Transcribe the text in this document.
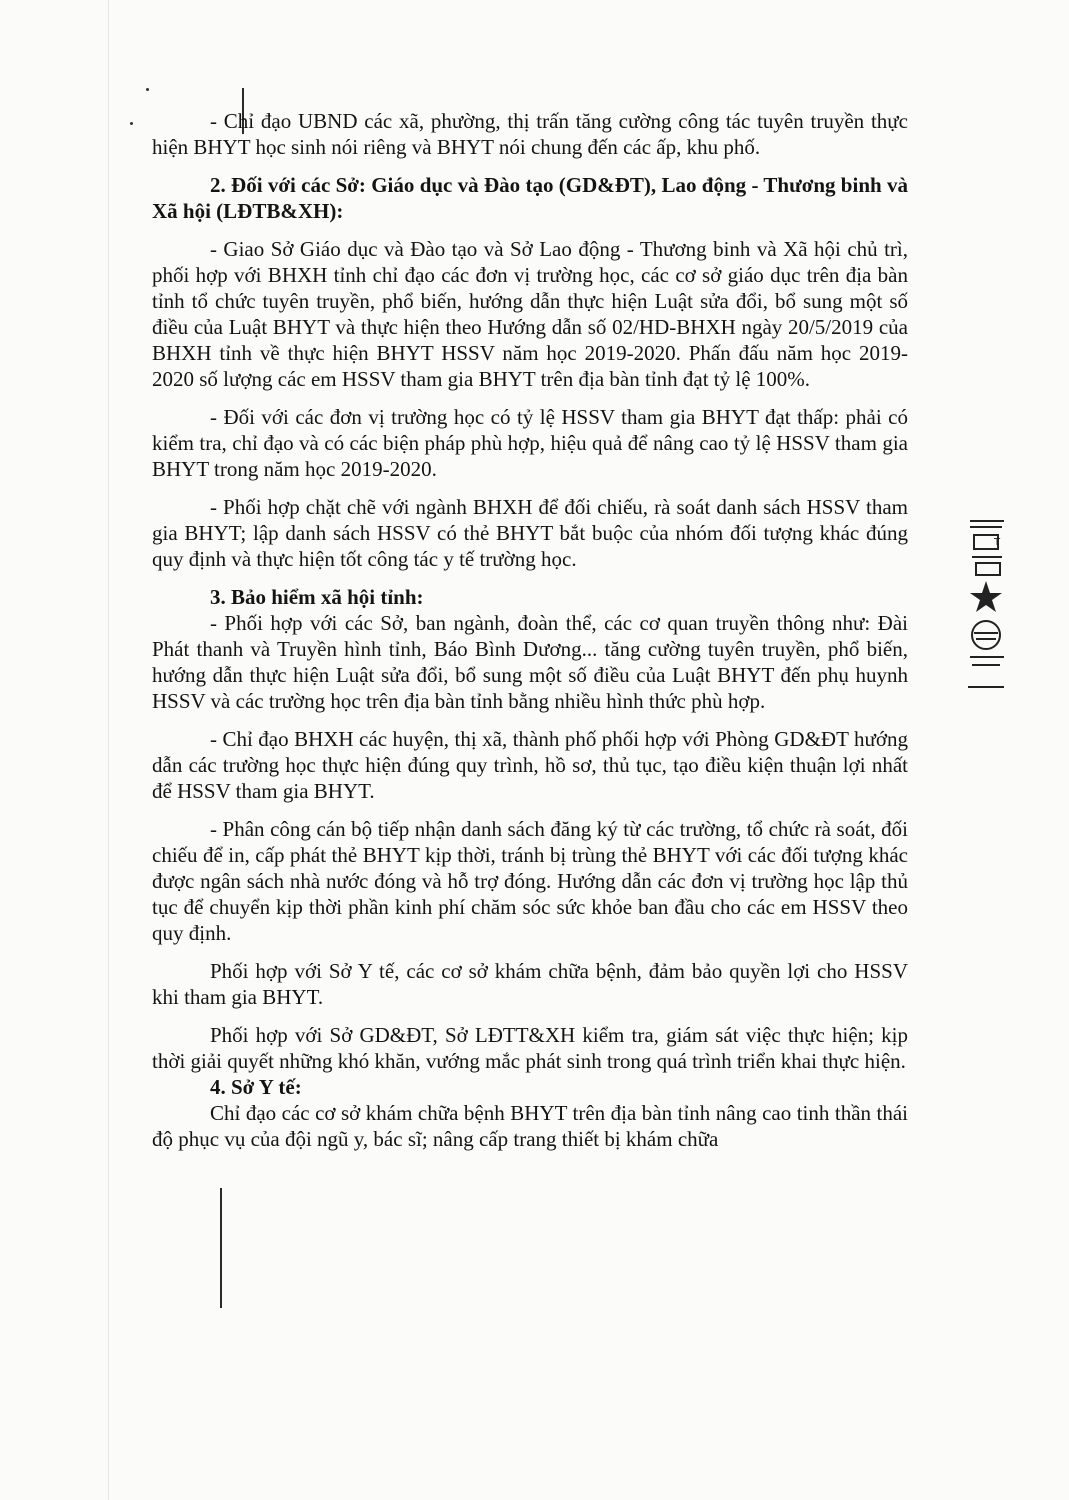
- Chỉ đạo UBND các xã, phường, thị trấn tăng cường công tác tuyên truyền thực hiện BHYT học sinh nói riêng và BHYT nói chung đến các ấp, khu phố.

2. Đối với các Sở: Giáo dục và Đào tạo (GD&ĐT), Lao động - Thương binh và Xã hội (LĐTB&XH):

- Giao Sở Giáo dục và Đào tạo và Sở Lao động - Thương binh và Xã hội chủ trì, phối hợp với BHXH tỉnh chỉ đạo các đơn vị trường học, các cơ sở giáo dục trên địa bàn tỉnh tổ chức tuyên truyền, phổ biến, hướng dẫn thực hiện Luật sửa đổi, bổ sung một số điều của Luật BHYT và thực hiện theo Hướng dẫn số 02/HD-BHXH ngày 20/5/2019 của BHXH tỉnh về thực hiện BHYT HSSV năm học 2019-2020. Phấn đấu năm học 2019-2020 số lượng các em HSSV tham gia BHYT trên địa bàn tỉnh đạt tỷ lệ 100%.

- Đối với các đơn vị trường học có tỷ lệ HSSV tham gia BHYT đạt thấp: phải có kiểm tra, chỉ đạo và có các biện pháp phù hợp, hiệu quả để nâng cao tỷ lệ HSSV tham gia BHYT trong năm học 2019-2020.

- Phối hợp chặt chẽ với ngành BHXH để đối chiếu, rà soát danh sách HSSV tham gia BHYT; lập danh sách HSSV có thẻ BHYT bắt buộc của nhóm đối tượng khác đúng quy định và thực hiện tốt công tác y tế trường học.

3. Bảo hiểm xã hội tỉnh:

- Phối hợp với các Sở, ban ngành, đoàn thể, các cơ quan truyền thông như: Đài Phát thanh và Truyền hình tỉnh, Báo Bình Dương... tăng cường tuyên truyền, phổ biến, hướng dẫn thực hiện Luật sửa đổi, bổ sung một số điều của Luật BHYT đến phụ huynh HSSV và các trường học trên địa bàn tỉnh bằng nhiều hình thức phù hợp.

- Chỉ đạo BHXH các huyện, thị xã, thành phố phối hợp với Phòng GD&ĐT hướng dẫn các trường học thực hiện đúng quy trình, hồ sơ, thủ tục, tạo điều kiện thuận lợi nhất để HSSV tham gia BHYT.

- Phân công cán bộ tiếp nhận danh sách đăng ký từ các trường, tổ chức rà soát, đối chiếu để in, cấp phát thẻ BHYT kịp thời, tránh bị trùng thẻ BHYT với các đối tượng khác được ngân sách nhà nước đóng và hỗ trợ đóng. Hướng dẫn các đơn vị trường học lập thủ tục để chuyển kịp thời phần kinh phí chăm sóc sức khỏe ban đầu cho các em HSSV theo quy định.

Phối hợp với Sở Y tế, các cơ sở khám chữa bệnh, đảm bảo quyền lợi cho HSSV khi tham gia BHYT.

Phối hợp với Sở GD&ĐT, Sở LĐTT&XH kiểm tra, giám sát việc thực hiện; kịp thời giải quyết những khó khăn, vướng mắc phát sinh trong quá trình triển khai thực hiện.

4. Sở Y tế:

Chỉ đạo các cơ sở khám chữa bệnh BHYT trên địa bàn tỉnh nâng cao tinh thần thái độ phục vụ của đội ngũ y, bác sĩ; nâng cấp trang thiết bị khám chữa

T
